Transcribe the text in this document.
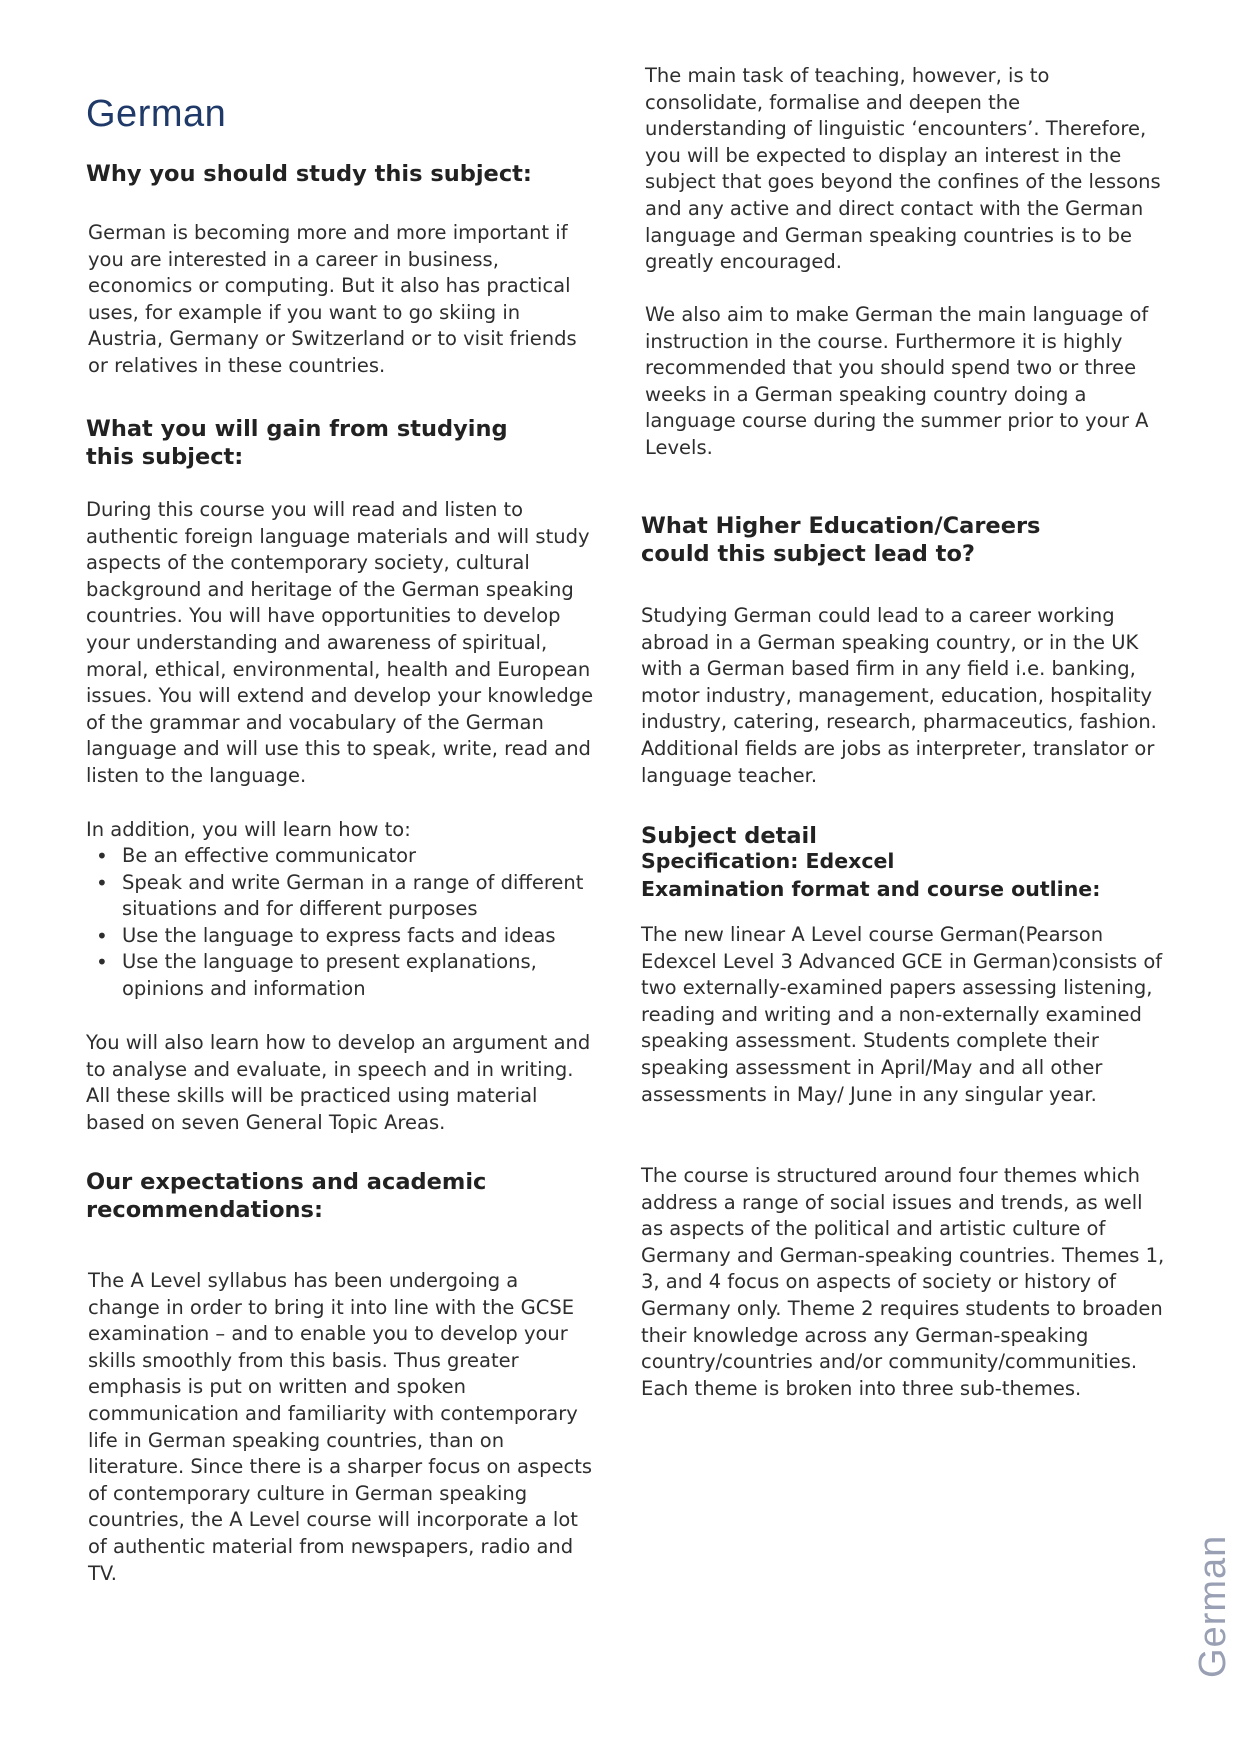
German
Why you should study this subject:

German is becoming more and more important if you are interested in a career in business, economics or computing. But it also has practical uses, for example if you want to go skiing in Austria, Germany or Switzerland or to visit friends or relatives in these countries.

What you will gain from studying this subject:

During this course you will read and listen to authentic foreign language materials and will study aspects of the contemporary society, cultural background and heritage of the German speaking countries. You will have opportunities to develop your understanding and awareness of spiritual, moral, ethical, environmental, health and European issues. You will extend and develop your knowledge of the grammar and vocabulary of the German language and will use this to speak, write, read and listen to the language.

In addition, you will learn how to:

• Be an effective communicator
• Speak and write German in a range of different situations and for different purposes
• Use the language to express facts and ideas
• Use the language to present explanations, opinions and information

You will also learn how to develop an argument and to analyse and evaluate, in speech and in writing. All these skills will be practiced using material based on seven General Topic Areas.

Our expectations and academic recommendations:

The A Level syllabus has been undergoing a change in order to bring it into line with the GCSE examination – and to enable you to develop your skills smoothly from this basis. Thus greater emphasis is put on written and spoken communication and familiarity with contemporary life in German speaking countries, than on literature. Since there is a sharper focus on aspects of contemporary culture in German speaking countries, the A Level course will incorporate a lot of authentic material from newspapers, radio and TV.

The main task of teaching, however, is to consolidate, formalise and deepen the understanding of linguistic ‘encounters’. Therefore, you will be expected to display an interest in the subject that goes beyond the confines of the lessons and any active and direct contact with the German language and German speaking countries is to be greatly encouraged.

We also aim to make German the main language of instruction in the course. Furthermore it is highly recommended that you should spend two or three weeks in a German speaking country doing a language course during the summer prior to your A Levels.

What Higher Education/Careers could this subject lead to?

Studying German could lead to a career working abroad in a German speaking country, or in the UK with a German based firm in any field i.e. banking, motor industry, management, education, hospitality industry, catering, research, pharmaceutics, fashion. Additional fields are jobs as interpreter, translator or language teacher.

Subject detail

Specification: Edexcel

Examination format and course outline:

The new linear A Level course German(Pearson Edexcel Level 3 Advanced GCE in German)consists of two externally-examined papers assessing listening, reading and writing and a non-externally examined speaking assessment. Students complete their speaking assessment in April/May and all other assessments in May/ June in any singular year.

The course is structured around four themes which address a range of social issues and trends, as well as aspects of the political and artistic culture of Germany and German-speaking countries. Themes 1, 3, and 4 focus on aspects of society or history of Germany only. Theme 2 requires students to broaden their knowledge across any German-speaking country/countries and/or community/communities. Each theme is broken into three sub-themes.

German
